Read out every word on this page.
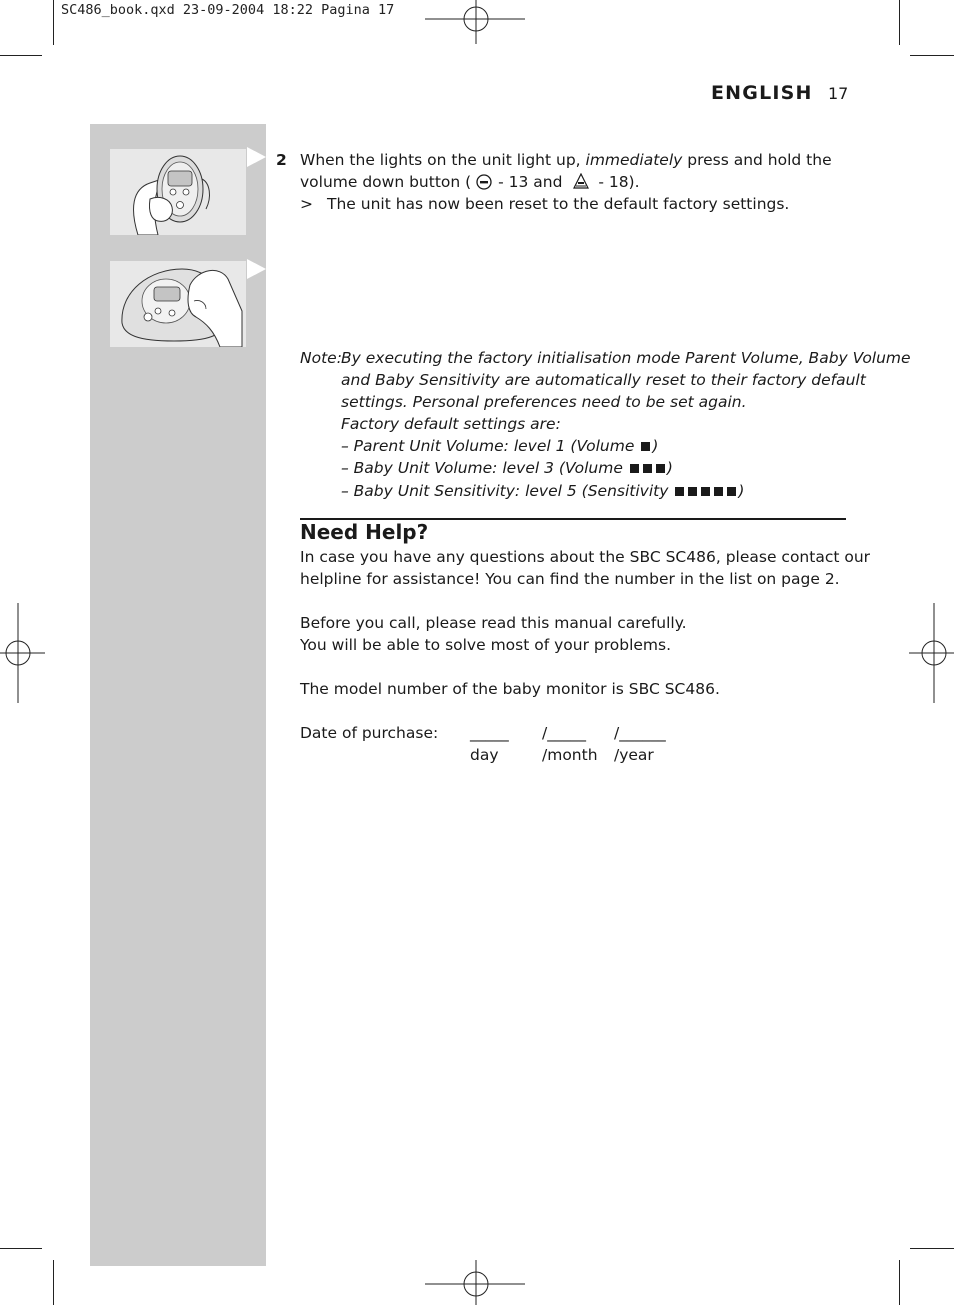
SC486_book.qxd 23-09-2004 18:22 Pagina 17
ENGLISH 17
2 When the lights on the unit light up, immediately press and hold the
volume down button (
- 13 and
- 18).
> The unit has now been reset to the default factory settings.
Note: By executing the factory initialisation mode Parent Volume, Baby Volume
and Baby Sensitivity are automatically reset to their factory default
settings. Personal preferences need to be set again.
Factory default settings are:
– Parent Unit Volume: level 1 (Volume )
– Baby Unit Volume: level 3 (Volume	)
– Baby Unit Sensitivity: level 5 (Sensitivity	)
Need Help?
In case you have any questions about the SBC SC486, please contact our
helpline for assistance! You can find the number in the list on page 2.
Before you call, please read this manual carefully.
You will be able to solve most of your problems.
The model number of the baby monitor is SBC SC486.
Date of purchase: _____ /_____ /______
day	/month /year
